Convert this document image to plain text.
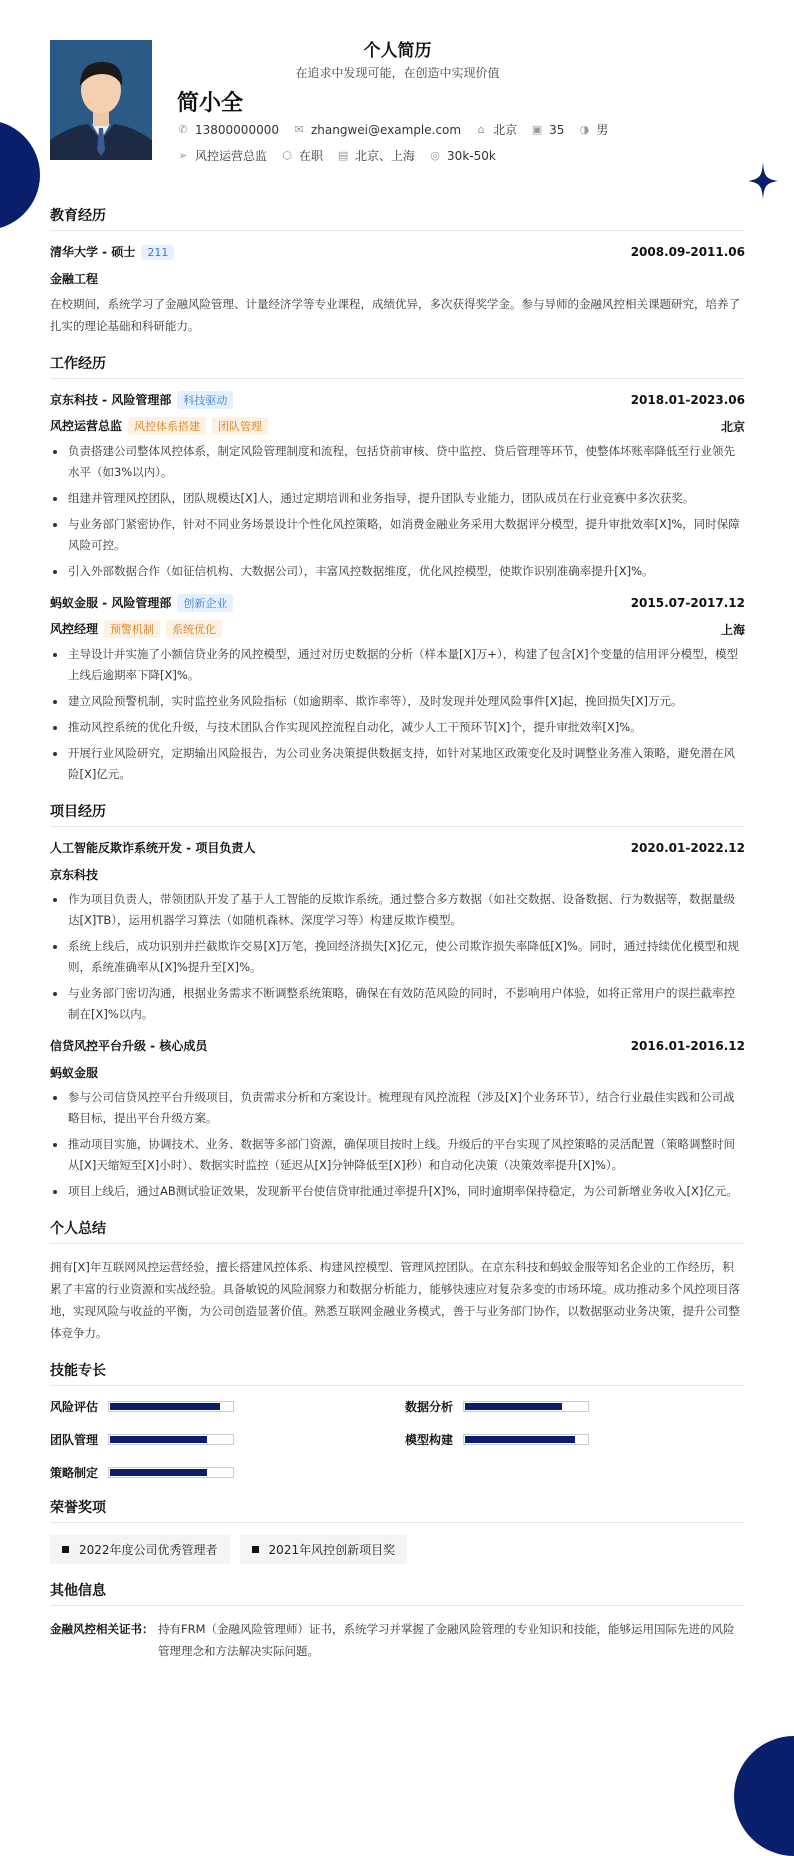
个人简历
在追求中发现可能，在创造中实现价值
简小全
✆ 13800000000 ✉ zhangwei@example.com ⌂ 北京 ▣ 35 ◑ 男
➢ 风控运营总监 ⬡ 在职 ▤ 北京、上海 ◎ 30k-50k
教育经历
清华大学 - 硕士 211	2008.09-2011.06
金融工程
在校期间，系统学习了金融风险管理、计量经济学等专业课程，成绩优异，多次获得奖学金。参与导师的金融风控相关课题研究，培养了扎实的理论基础和科研能力。
工作经历
京东科技 - 风险管理部 科技驱动	2018.01-2023.06
风控运营总监 风控体系搭建 团队管理	北京
负责搭建公司整体风控体系，制定风险管理制度和流程，包括贷前审核、贷中监控、贷后管理等环节，使整体坏账率降低至行业领先水平（如3%以内）。
组建并管理风控团队，团队规模达[X]人，通过定期培训和业务指导，提升团队专业能力，团队成员在行业竞赛中多次获奖。
与业务部门紧密协作，针对不同业务场景设计个性化风控策略，如消费金融业务采用大数据评分模型，提升审批效率[X]%，同时保障风险可控。
引入外部数据合作（如征信机构、大数据公司），丰富风控数据维度，优化风控模型，使欺诈识别准确率提升[X]%。
蚂蚁金服 - 风险管理部 创新企业	2015.07-2017.12
风控经理 预警机制 系统优化	上海
主导设计并实施了小额信贷业务的风控模型，通过对历史数据的分析（样本量[X]万+），构建了包含[X]个变量的信用评分模型，模型上线后逾期率下降[X]%。
建立风险预警机制，实时监控业务风险指标（如逾期率、欺诈率等），及时发现并处理风险事件[X]起，挽回损失[X]万元。
推动风控系统的优化升级，与技术团队合作实现风控流程自动化，减少人工干预环节[X]个，提升审批效率[X]%。
开展行业风险研究，定期输出风险报告，为公司业务决策提供数据支持，如针对某地区政策变化及时调整业务准入策略，避免潜在风险[X]亿元。
项目经历
人工智能反欺诈系统开发 - 项目负责人	2020.01-2022.12
京东科技
作为项目负责人，带领团队开发了基于人工智能的反欺诈系统。通过整合多方数据（如社交数据、设备数据、行为数据等，数据量级达[X]TB），运用机器学习算法（如随机森林、深度学习等）构建反欺诈模型。
系统上线后，成功识别并拦截欺诈交易[X]万笔，挽回经济损失[X]亿元，使公司欺诈损失率降低[X]%。同时，通过持续优化模型和规则，系统准确率从[X]%提升至[X]%。
与业务部门密切沟通，根据业务需求不断调整系统策略，确保在有效防范风险的同时，不影响用户体验，如将正常用户的误拦截率控制在[X]%以内。
信贷风控平台升级 - 核心成员	2016.01-2016.12
蚂蚁金服
参与公司信贷风控平台升级项目，负责需求分析和方案设计。梳理现有风控流程（涉及[X]个业务环节），结合行业最佳实践和公司战略目标，提出平台升级方案。
推动项目实施，协调技术、业务、数据等多部门资源，确保项目按时上线。升级后的平台实现了风控策略的灵活配置（策略调整时间从[X]天缩短至[X]小时）、数据实时监控（延迟从[X]分钟降低至[X]秒）和自动化决策（决策效率提升[X]%）。
项目上线后，通过AB测试验证效果，发现新平台使信贷审批通过率提升[X]%，同时逾期率保持稳定，为公司新增业务收入[X]亿元。
个人总结
拥有[X]年互联网风控运营经验，擅长搭建风控体系、构建风控模型、管理风控团队。在京东科技和蚂蚁金服等知名企业的工作经历，积累了丰富的行业资源和实战经验。具备敏锐的风险洞察力和数据分析能力，能够快速应对复杂多变的市场环境。成功推动多个风控项目落地，实现风险与收益的平衡，为公司创造显著价值。熟悉互联网金融业务模式，善于与业务部门协作，以数据驱动业务决策，提升公司整体竞争力。
技能专长
风险评估	数据分析
团队管理	模型构建
策略制定
荣誉奖项
2022年度公司优秀管理者	2021年风控创新项目奖
其他信息
金融风控相关证书： 持有FRM（金融风险管理师）证书，系统学习并掌握了金融风险管理的专业知识和技能，能够运用国际先进的风险管理理念和方法解决实际问题。
